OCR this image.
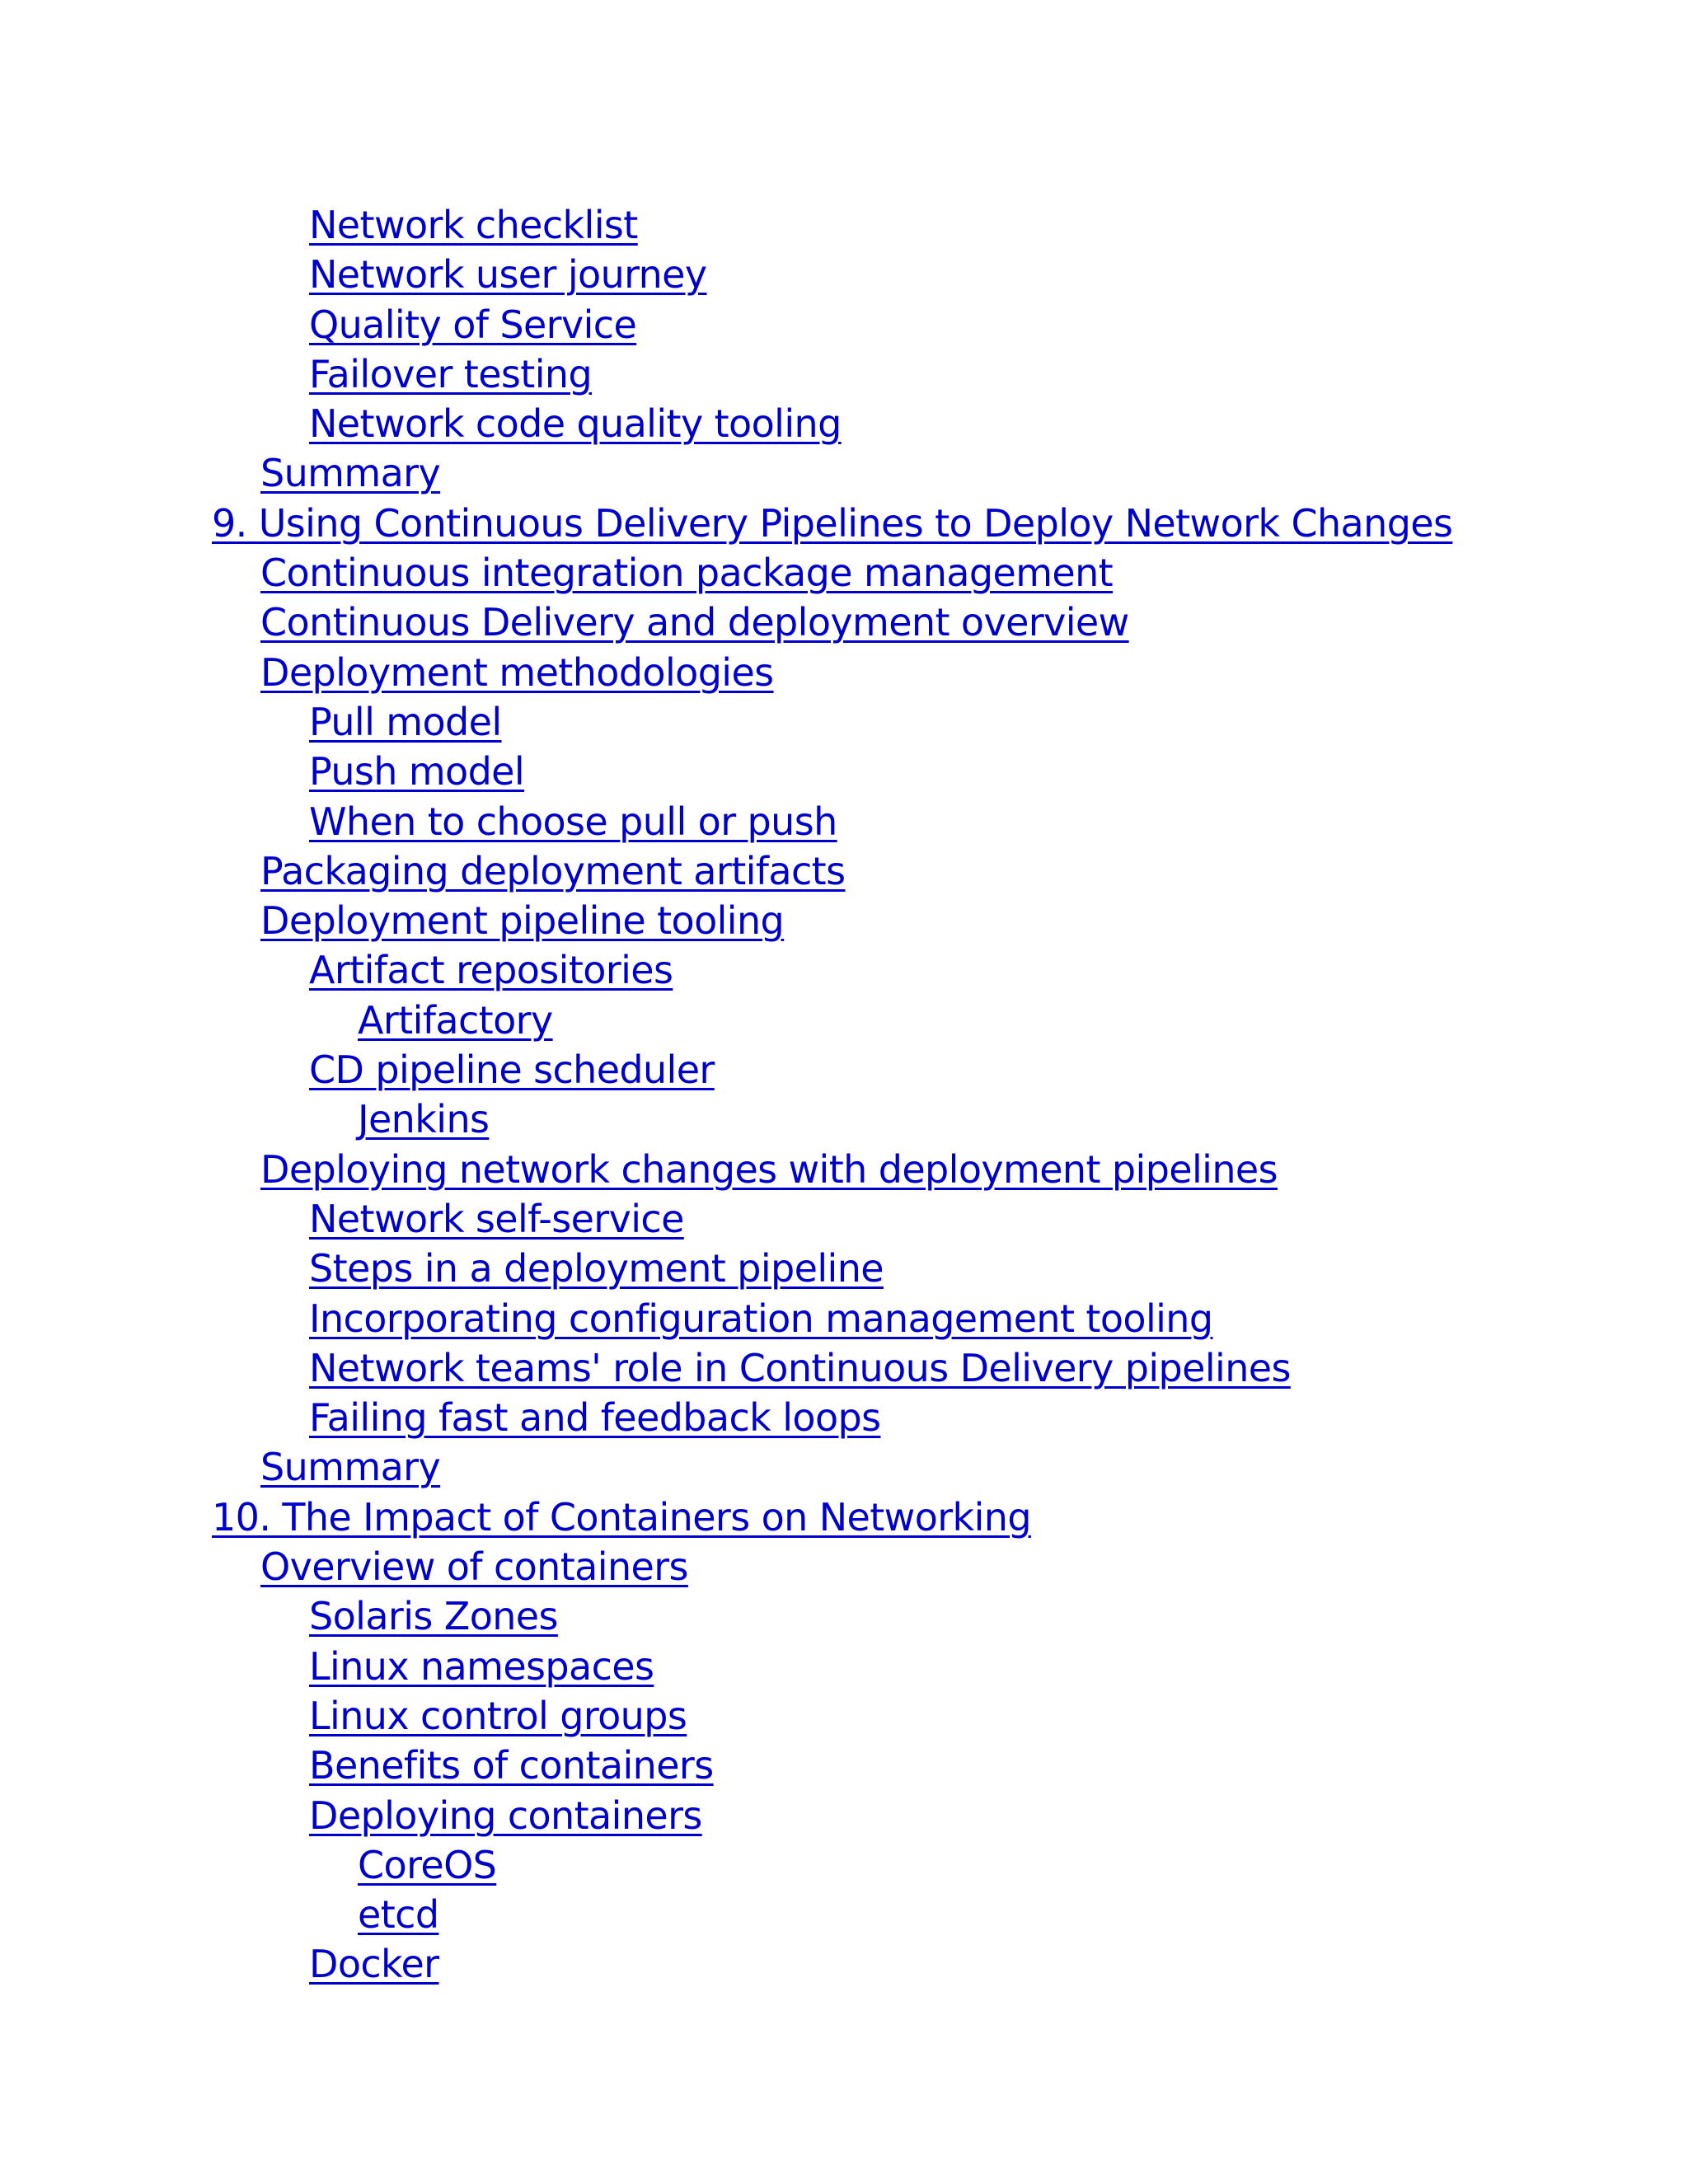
Network checklist
Network user journey
Quality of Service
Failover testing
Network code quality tooling
Summary
9. Using Continuous Delivery Pipelines to Deploy Network Changes
Continuous integration package management
Continuous Delivery and deployment overview
Deployment methodologies
Pull model
Push model
When to choose pull or push
Packaging deployment artifacts
Deployment pipeline tooling
Artifact repositories
Artifactory
CD pipeline scheduler
Jenkins
Deploying network changes with deployment pipelines
Network self-service
Steps in a deployment pipeline
Incorporating configuration management tooling
Network teams' role in Continuous Delivery pipelines
Failing fast and feedback loops
Summary
10. The Impact of Containers on Networking
Overview of containers
Solaris Zones
Linux namespaces
Linux control groups
Benefits of containers
Deploying containers
CoreOS
etcd
Docker
